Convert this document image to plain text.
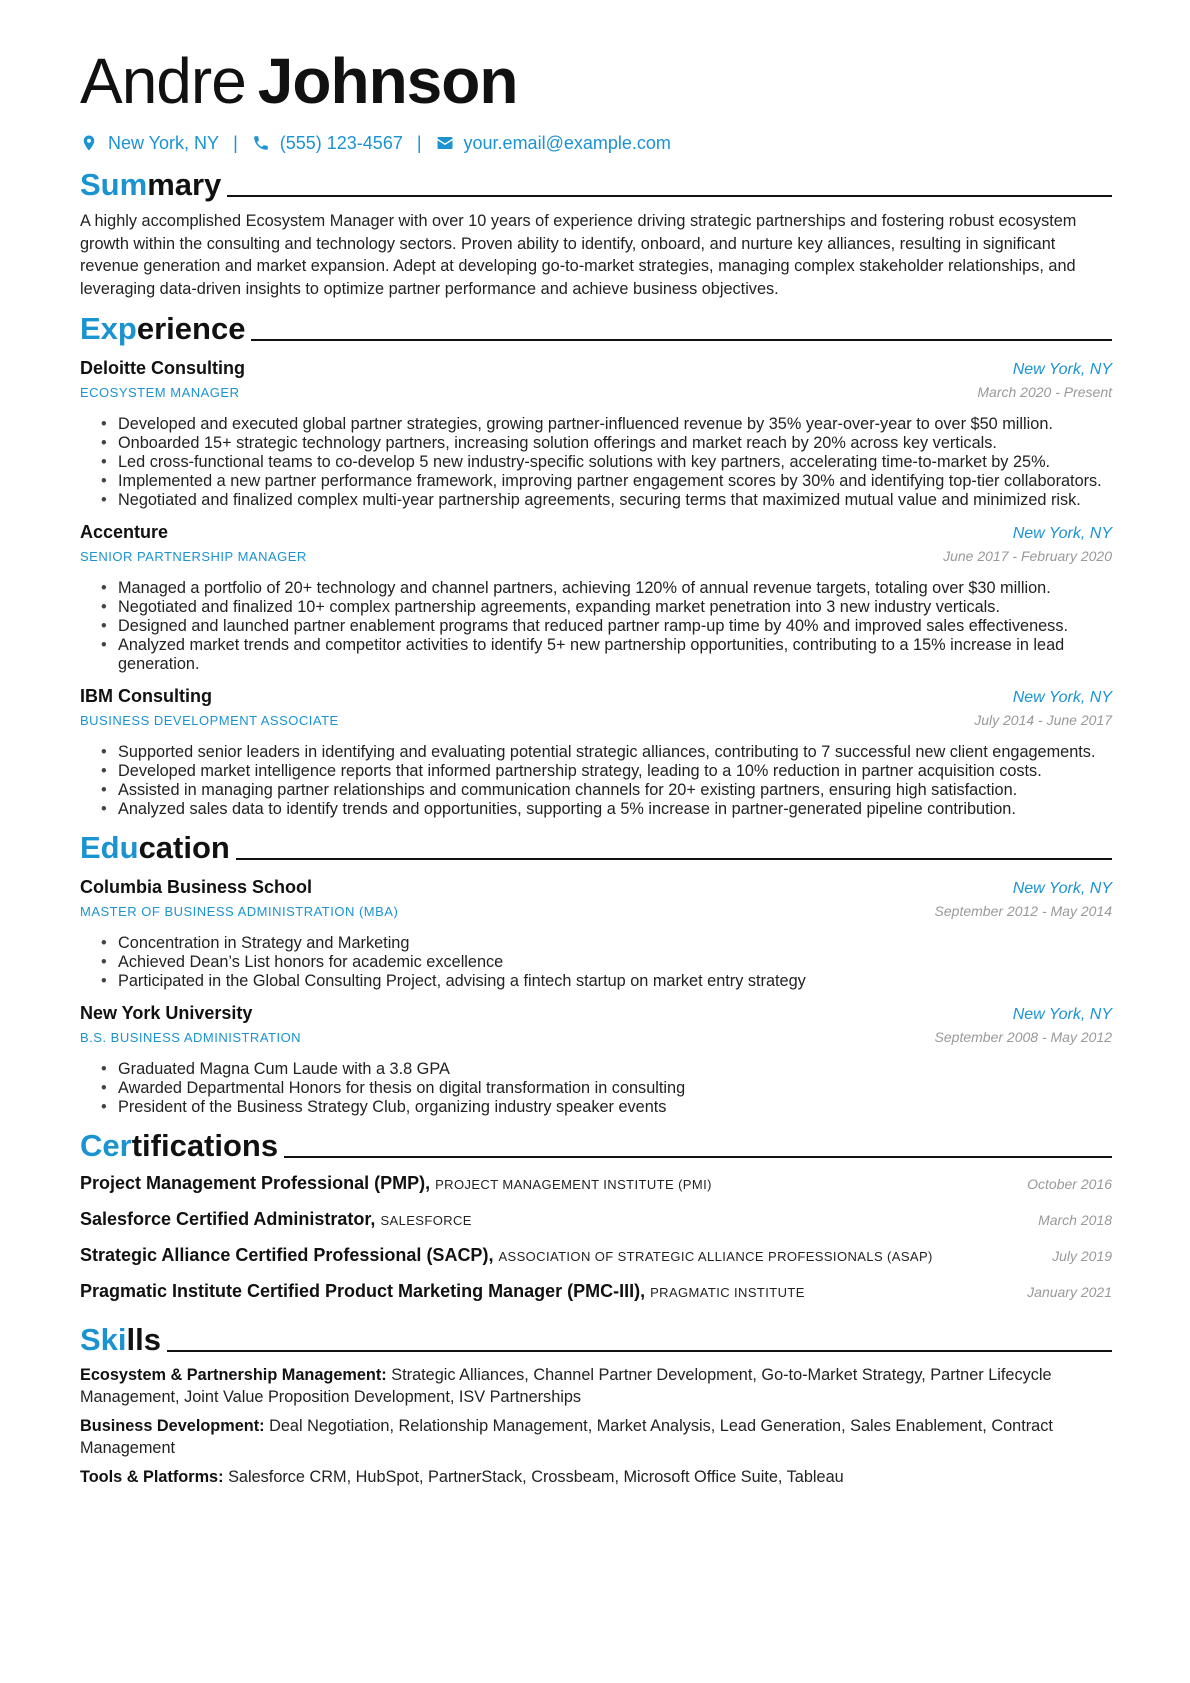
Andre Johnson
New York, NY | (555) 123-4567 | your.email@example.com
Summary
A highly accomplished Ecosystem Manager with over 10 years of experience driving strategic partnerships and fostering robust ecosystem growth within the consulting and technology sectors. Proven ability to identify, onboard, and nurture key alliances, resulting in significant revenue generation and market expansion. Adept at developing go-to-market strategies, managing complex stakeholder relationships, and leveraging data-driven insights to optimize partner performance and achieve business objectives.
Experience
Deloitte Consulting	New York, NY
ECOSYSTEM MANAGER	March 2020 - Present
• Developed and executed global partner strategies, growing partner-influenced revenue by 35% year-over-year to over $50 million.
• Onboarded 15+ strategic technology partners, increasing solution offerings and market reach by 20% across key verticals.
• Led cross-functional teams to co-develop 5 new industry-specific solutions with key partners, accelerating time-to-market by 25%.
• Implemented a new partner performance framework, improving partner engagement scores by 30% and identifying top-tier collaborators.
• Negotiated and finalized complex multi-year partnership agreements, securing terms that maximized mutual value and minimized risk.
Accenture	New York, NY
SENIOR PARTNERSHIP MANAGER	June 2017 - February 2020
• Managed a portfolio of 20+ technology and channel partners, achieving 120% of annual revenue targets, totaling over $30 million.
• Negotiated and finalized 10+ complex partnership agreements, expanding market penetration into 3 new industry verticals.
• Designed and launched partner enablement programs that reduced partner ramp-up time by 40% and improved sales effectiveness.
• Analyzed market trends and competitor activities to identify 5+ new partnership opportunities, contributing to a 15% increase in lead generation.
IBM Consulting	New York, NY
BUSINESS DEVELOPMENT ASSOCIATE	July 2014 - June 2017
• Supported senior leaders in identifying and evaluating potential strategic alliances, contributing to 7 successful new client engagements.
• Developed market intelligence reports that informed partnership strategy, leading to a 10% reduction in partner acquisition costs.
• Assisted in managing partner relationships and communication channels for 20+ existing partners, ensuring high satisfaction.
• Analyzed sales data to identify trends and opportunities, supporting a 5% increase in partner-generated pipeline contribution.
Education
Columbia Business School	New York, NY
MASTER OF BUSINESS ADMINISTRATION (MBA)	September 2012 - May 2014
• Concentration in Strategy and Marketing
• Achieved Dean’s List honors for academic excellence
• Participated in the Global Consulting Project, advising a fintech startup on market entry strategy
New York University	New York, NY
B.S. BUSINESS ADMINISTRATION	September 2008 - May 2012
• Graduated Magna Cum Laude with a 3.8 GPA
• Awarded Departmental Honors for thesis on digital transformation in consulting
• President of the Business Strategy Club, organizing industry speaker events
Certifications
Project Management Professional (PMP), PROJECT MANAGEMENT INSTITUTE (PMI)	October 2016
Salesforce Certified Administrator, SALESFORCE	March 2018
Strategic Alliance Certified Professional (SACP), ASSOCIATION OF STRATEGIC ALLIANCE PROFESSIONALS (ASAP)	July 2019
Pragmatic Institute Certified Product Marketing Manager (PMC-III), PRAGMATIC INSTITUTE	January 2021
Skills
Ecosystem & Partnership Management: Strategic Alliances, Channel Partner Development, Go-to-Market Strategy, Partner Lifecycle Management, Joint Value Proposition Development, ISV Partnerships
Business Development: Deal Negotiation, Relationship Management, Market Analysis, Lead Generation, Sales Enablement, Contract Management
Tools & Platforms: Salesforce CRM, HubSpot, PartnerStack, Crossbeam, Microsoft Office Suite, Tableau
